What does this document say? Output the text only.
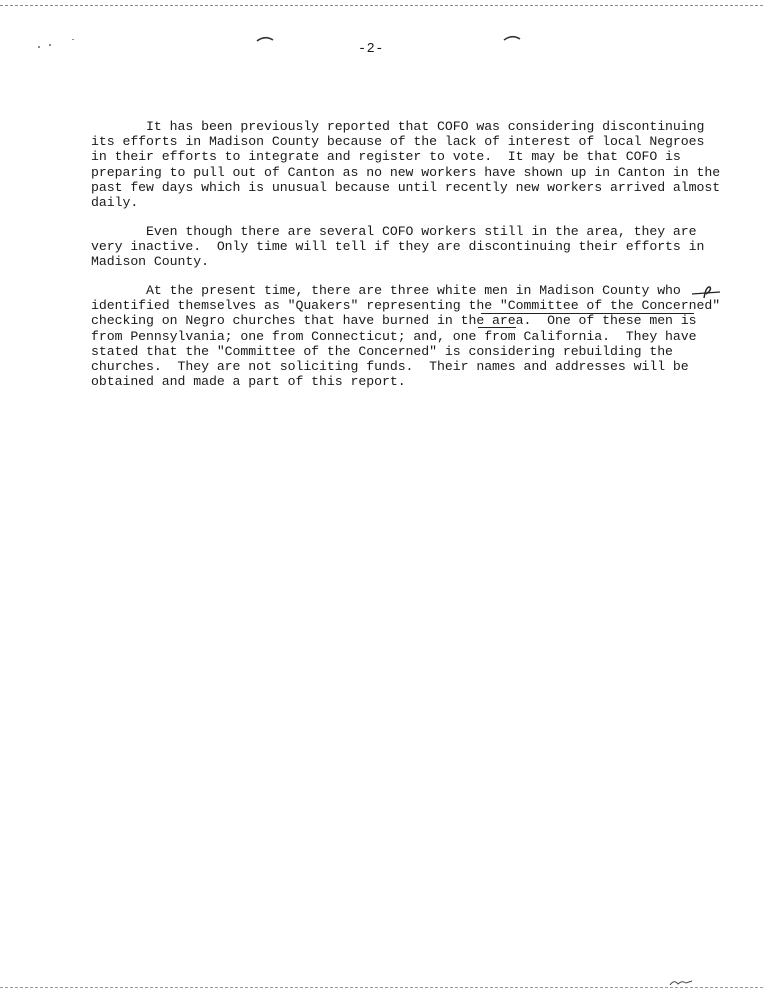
-2-
It has been previously reported that COFO was considering discontinuing
its efforts in Madison County because of the lack of interest of local Negroes
in their efforts to integrate and register to vote.  It may be that COFO is
preparing to pull out of Canton as no new workers have shown up in Canton in the
past few days which is unusual because until recently new workers arrived almost
daily.
Even though there are several COFO workers still in the area, they are
very inactive.  Only time will tell if they are discontinuing their efforts in
Madison County.
At the present time, there are three white men in Madison County who
identified themselves as "Quakers" representing the "Committee of the Concerned"
checking on Negro churches that have burned in the area.  One of these men is
from Pennsylvania; one from Connecticut; and, one from California.  They have
stated that the "Committee of the Concerned" is considering rebuilding the
churches.  They are not soliciting funds.  Their names and addresses will be
obtained and made a part of this report.
